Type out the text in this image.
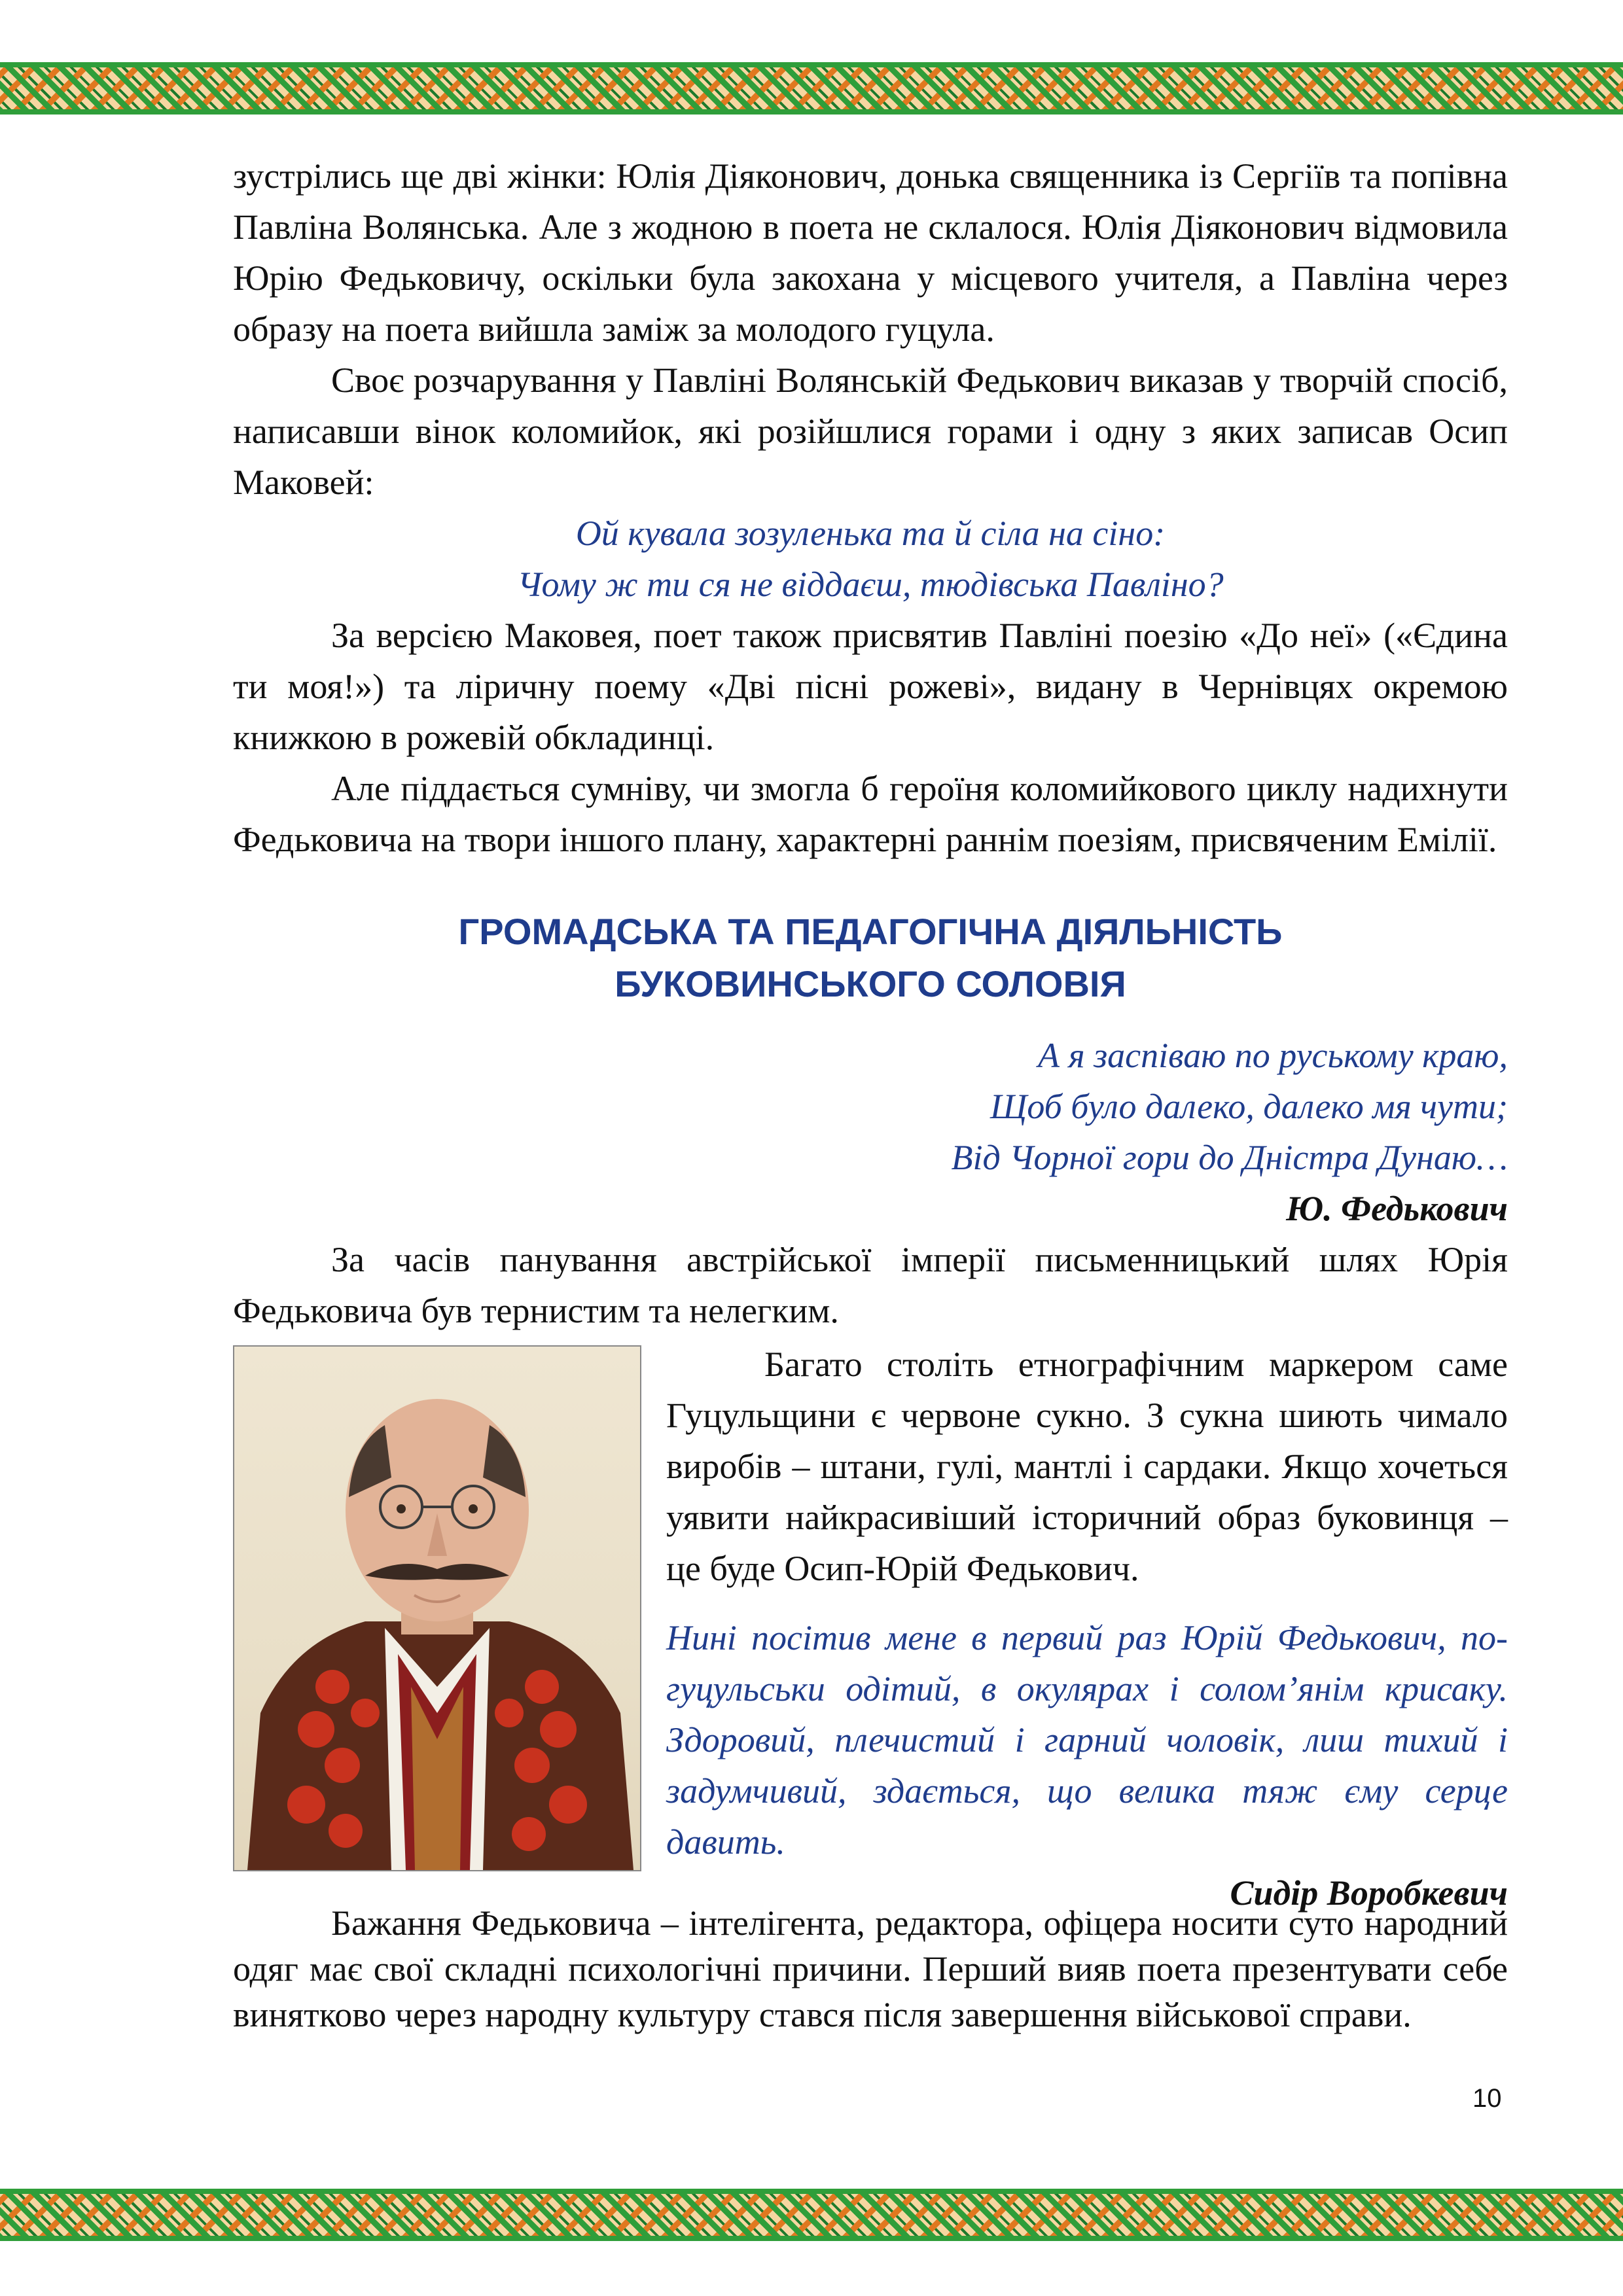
зустрілись ще дві жінки: Юлія Діяконович, донька священника із Сергіїв та попівна Павліна Волянська. Але з жодною в поета не склалося. Юлія Діяконович відмовила Юрію Федьковичу, оскільки була закохана у місцевого учителя, а Павліна через образу на поета вийшла заміж за молодого гуцула.

Своє розчарування у Павліні Волянській Федькович виказав у творчій спосіб, написавши вінок коломийок, які розійшлися горами і одну з яких записав Осип Маковей:

Ой кувала зозуленька та й сіла на сіно:

Чому ж ти ся не віддаєш, тюдівська Павліно?

За версією Маковея, поет також присвятив Павліні поезію «До неї» («Єдина ти моя!») та ліричну поему «Дві пісні рожеві», видану в Чернівцях окремою книжкою в рожевій обкладинці.

Але піддається сумніву, чи змогла б героїня коломийкового циклу надихнути Федьковича на твори іншого плану, характерні раннім поезіям, присвяченим Емілії.

ГРОМАДСЬКА ТА ПЕДАГОГІЧНА ДІЯЛЬНІСТЬ
БУКОВИНСЬКОГО СОЛОВІЯ

А я заспіваю по руському краю,

Щоб було далеко, далеко мя чути;

Від Чорної гори до Дністра Дунаю…

Ю. Федькович

За часів панування австрійської імперії письменницький шлях Юрія Федьковича був тернистим та нелегким.

Багато століть етнографічним маркером саме Гуцульщини є червоне сукно. З сукна шиють чимало виробів – штани, гулі, мантлі і сардаки. Якщо хочеться уявити найкрасивіший історичний образ буковинця – це буде Осип-Юрій Федькович.

Нині посітив мене в первий раз Юрій Федькович, по-гуцульськи одітий, в окулярах і солом’янім крисаку. Здоровий, плечистий і гарний чоловік, лиш тихий і задумчивий, здається, що велика тяж єму серце давить.

Сидір Воробкевич

Бажання Федьковича – інтелігента, редактора, офіцера носити суто народний одяг має свої складні психологічні причини. Перший вияв поета презентувати себе винятково через народну культуру стався після завершення військової справи.

10
